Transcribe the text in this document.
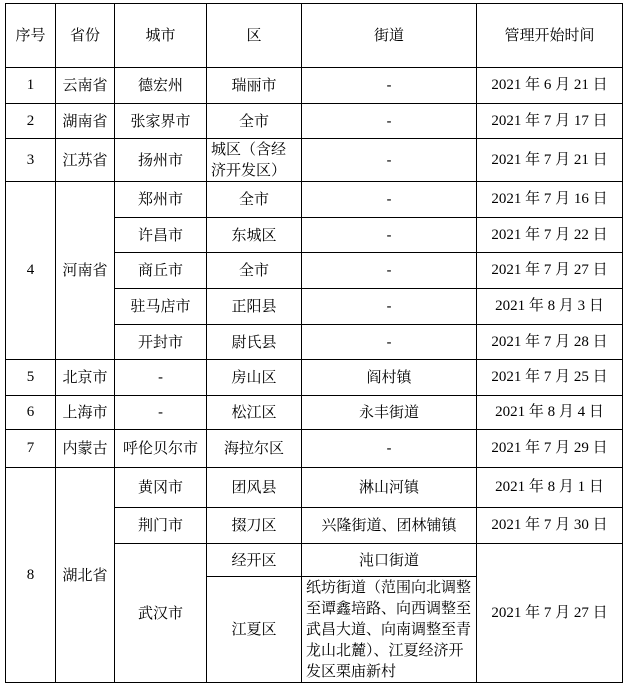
序号	省份	城市	区	街道	管理开始时间
1	云南省	德宏州	瑞丽市	-	2021 年 6 月 21 日
2	湖南省	张家界市	全市	-	2021 年 7 月 17 日
3	江苏省	扬州市	城区（含经济开发区）	-	2021 年 7 月 21 日
4	河南省	郑州市	全市	-	2021 年 7 月 16 日
		许昌市	东城区	-	2021 年 7 月 22 日
		商丘市	全市	-	2021 年 7 月 27 日
		驻马店市	正阳县	-	2021 年 8 月 3 日
		开封市	尉氏县	-	2021 年 7 月 28 日
5	北京市	-	房山区	阎村镇	2021 年 7 月 25 日
6	上海市	-	松江区	永丰街道	2021 年 8 月 4 日
7	内蒙古	呼伦贝尔市	海拉尔区	-	2021 年 7 月 29 日
8	湖北省	黄冈市	团风县	淋山河镇	2021 年 8 月 1 日
		荆门市	掇刀区	兴隆街道、团林铺镇	2021 年 7 月 30 日
		武汉市	经开区	沌口街道	2021 年 7 月 27 日
			江夏区	纸坊街道（范围向北调整至谭鑫培路、向西调整至武昌大道、向南调整至青龙山北麓）、江夏经济开发区栗庙新村	
